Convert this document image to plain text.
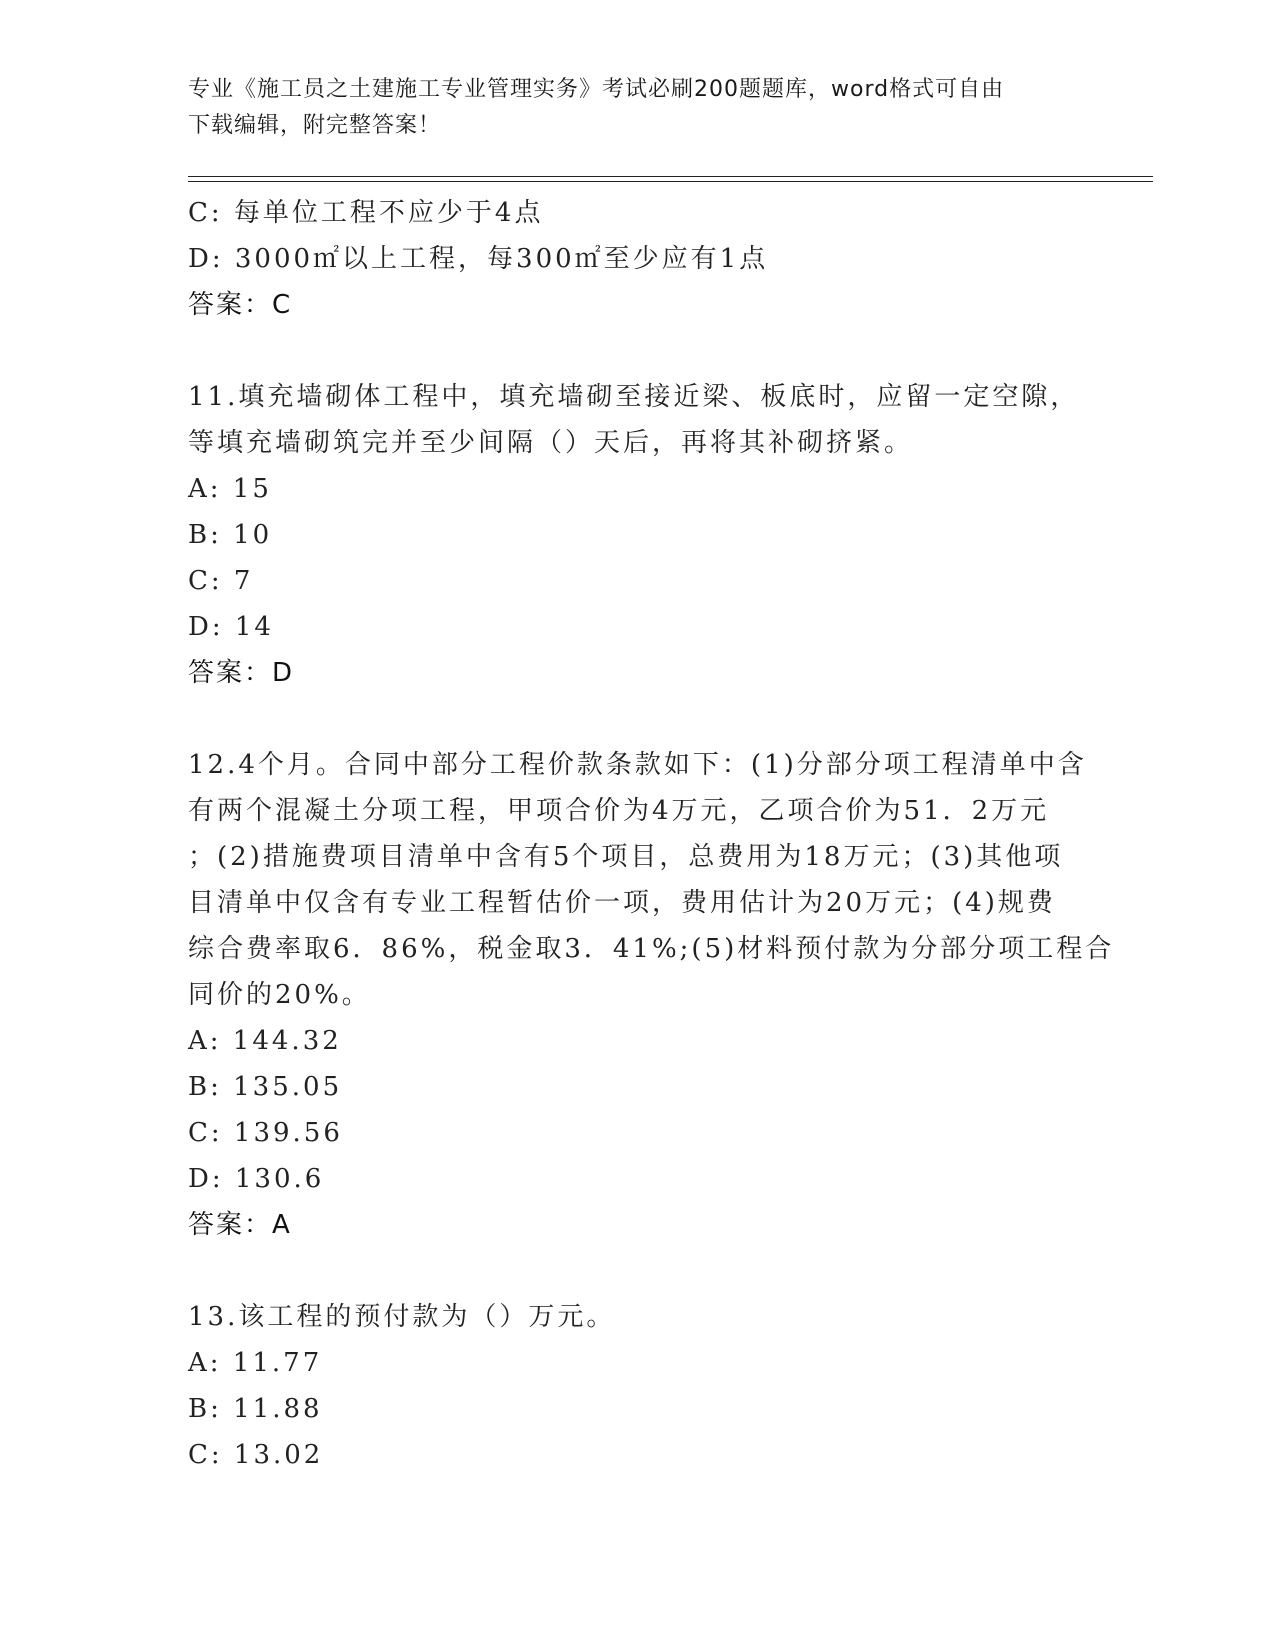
专业《施工员之土建施工专业管理实务》考试必刷200题题库，word格式可自由
下载编辑，附完整答案！
C: 每单位工程不应少于4点
D: 3000㎡以上工程，每300㎡至少应有1点
答案：C
11.填充墙砌体工程中，填充墙砌至接近梁、板底时，应留一定空隙，
等填充墙砌筑完并至少间隔（）天后，再将其补砌挤紧。
A: 15
B: 10
C: 7
D: 14
答案：D
12.4个月。合同中部分工程价款条款如下：(1)分部分项工程清单中含
有两个混凝土分项工程，甲项合价为4万元，乙项合价为51．2万元
；(2)措施费项目清单中含有5个项目，总费用为18万元；(3)其他项
目清单中仅含有专业工程暂估价一项，费用估计为20万元；(4)规费
综合费率取6．86%，税金取3．41%;(5)材料预付款为分部分项工程合
同价的20%。
A: 144.32
B: 135.05
C: 139.56
D: 130.6
答案：A
13.该工程的预付款为（）万元。
A: 11.77
B: 11.88
C: 13.02
